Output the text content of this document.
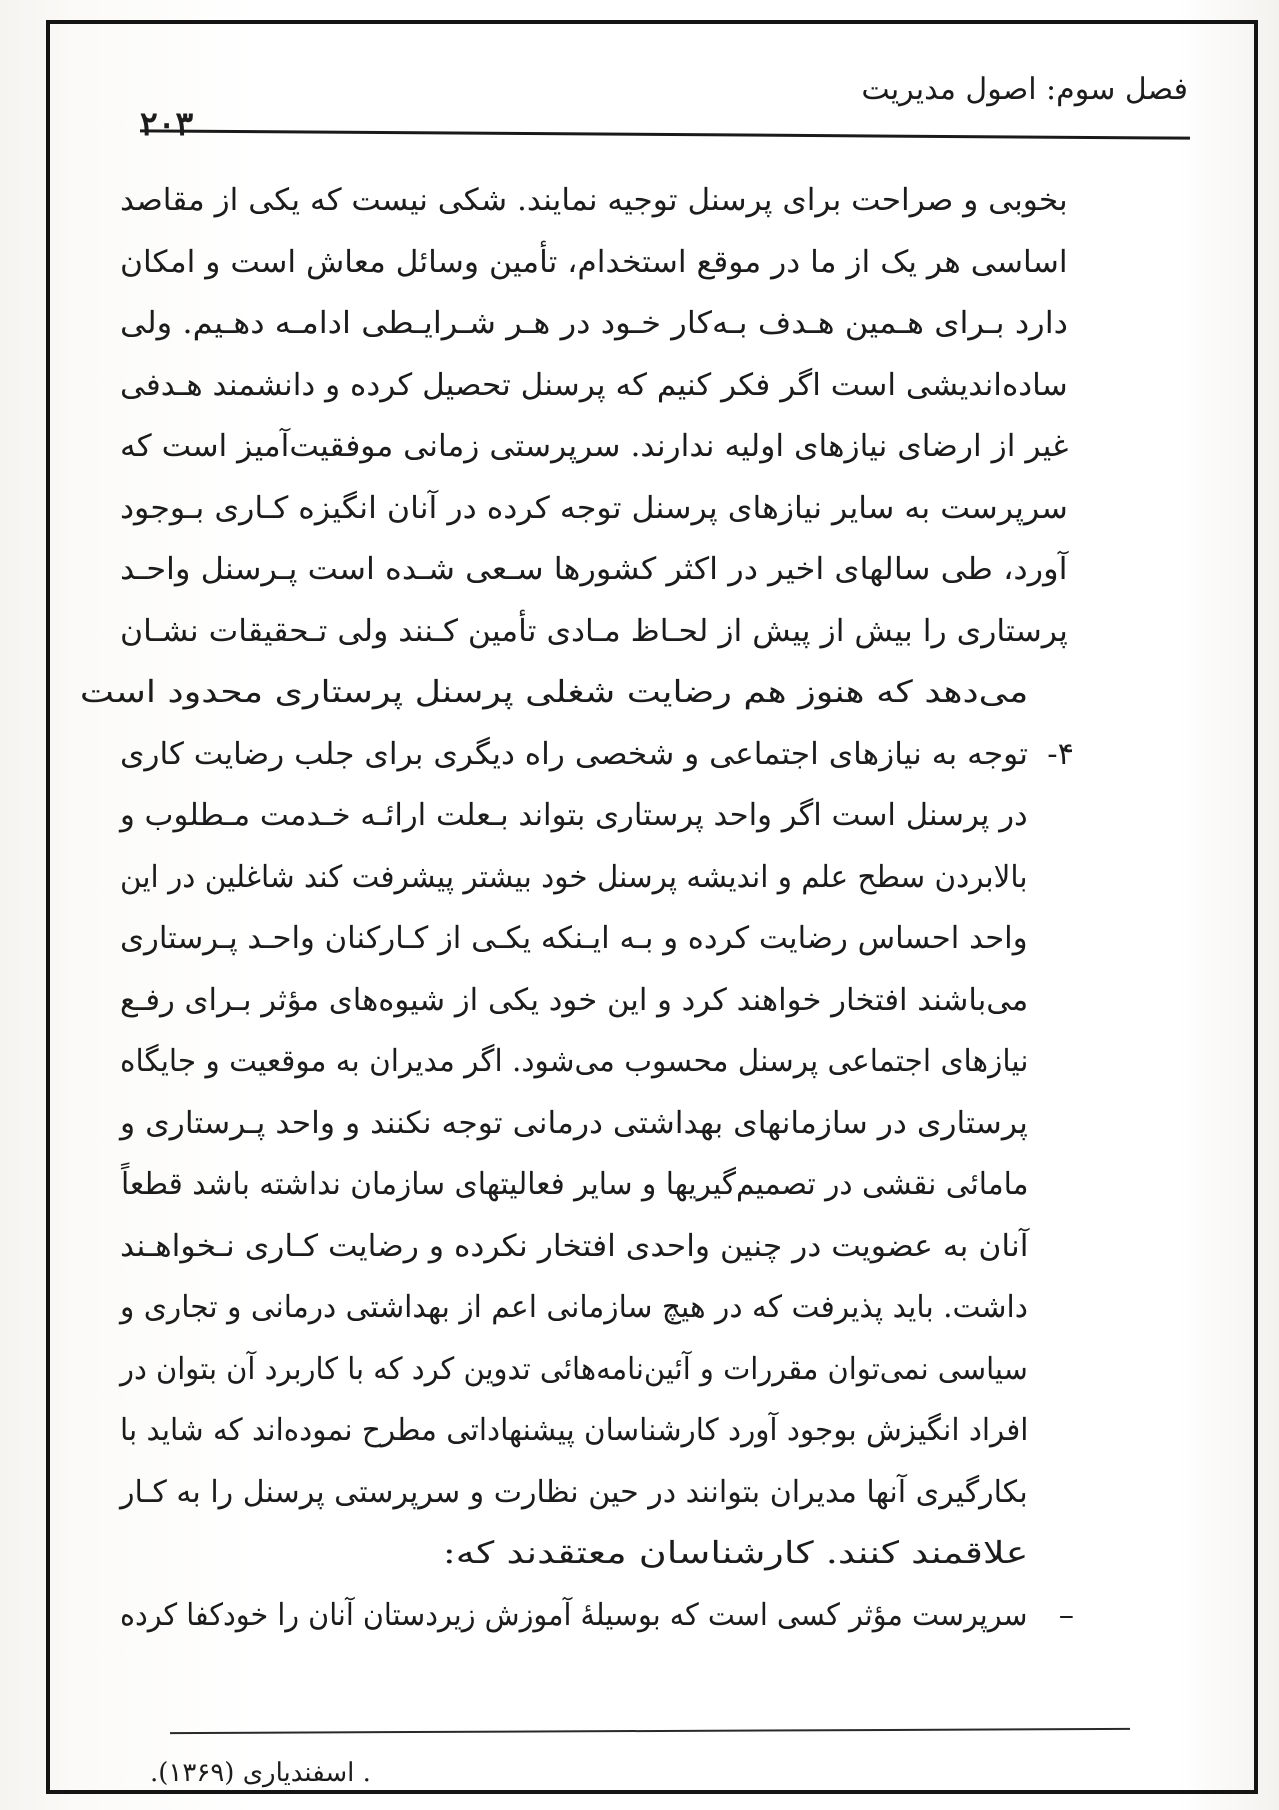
فصل سوم: اصول مدیریت
۲۰۳
بخوبی و صراحت برای پرسنل توجیه نمایند. شکی نیست که یکی از مقاصد
اساسی هر یک از ما در موقع استخدام، تأمین وسائل معاش است و امکان
دارد بـرای هـمین هـدف بـه‌کار خـود در هـر شـرایـطی ادامـه دهـیم. ولی
ساده‌اندیشی است اگر فکر کنیم که پرسنل تحصیل کرده و دانشمند هـدفی
غیر از ارضای نیازهای اولیه ندارند. سرپرستی زمانی موفقیت‌آمیز است که
سرپرست به سایر نیازهای پرسنل توجه کرده در آنان انگیزه کـاری بـوجود
آورد، طی سالهای اخیر در اکثر کشورها سـعی شـده است پـرسنل واحـد
پرستاری را بیش از پیش از لحـاظ مـادی تأمین کـنند ولی تـحقیقات نشـان
می‌دهد که هنوز هم رضایت شغلی پرسنل پرستاری محدود است
۴-
توجه به نیازهای اجتماعی و شخصی راه دیگری برای جلب رضایت کاری
در پرسنل است اگر واحد پرستاری بتواند بـعلت ارائـه خـدمت مـطلوب و
بالابردن سطح علم و اندیشه پرسنل خود بیشتر پیشرفت کند شاغلین در این
واحد احساس رضایت کرده و بـه ایـنکه یکـی از کـارکنان واحـد پـرستاری
می‌باشند افتخار خواهند کرد و این خود یکی از شیوه‌های مؤثر بـرای رفـع
نیازهای اجتماعی پرسنل محسوب می‌شود. اگر مدیران به موقعیت و جایگاه
پرستاری در سازمانهای بهداشتی درمانی توجه نکنند و واحد پـرستاری و
مامائی نقشی در تصمیم‌گیریها و سایر فعالیتهای سازمان نداشته باشد قطعاً
آنان به عضویت در چنین واحدی افتخار نکرده و رضایت کـاری نـخواهـند
داشت. باید پذیرفت که در هیچ سازمانی اعم از بهداشتی درمانی و تجاری و
سیاسی نمی‌توان مقررات و آئین‌نامه‌هائی تدوین کرد که با کاربرد آن بتوان در
افراد انگیزش بوجود آورد کارشناسان پیشنهاداتی مطرح نموده‌اند که شاید با
بکارگیری آنها مدیران بتوانند در حین نظارت و سرپرستی پرسنل را به کـار
علاقمند کنند. کارشناسان معتقدند که:
–
سرپرست مؤثر کسی است که بوسیلهٔ آموزش زیردستان آنان را خودکفا کرده
. اسفندیاری (۱۳۶۹).
